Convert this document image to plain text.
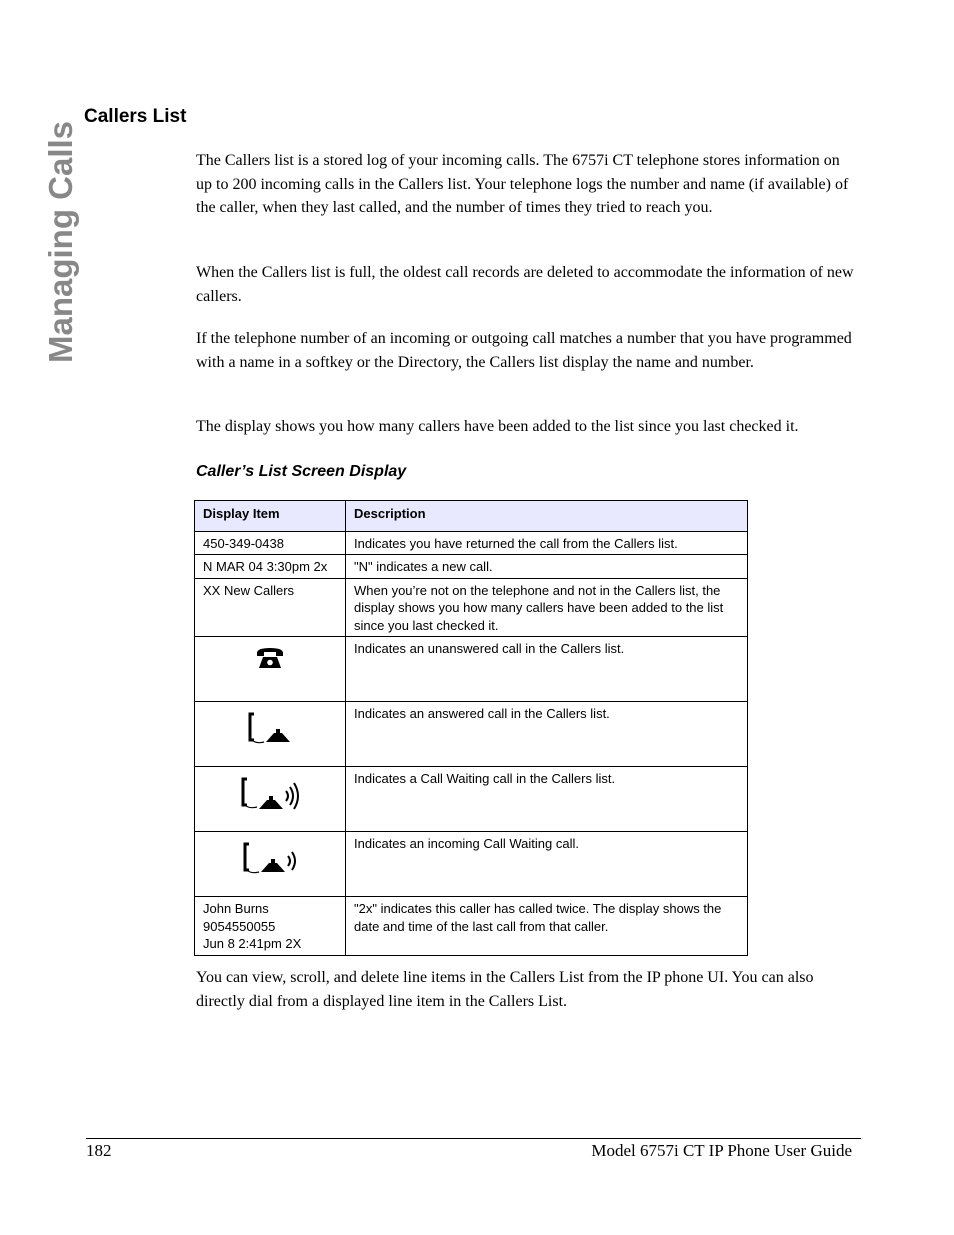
Managing Calls
Callers List

The Callers list is a stored log of your incoming calls. The 6757i CT telephone stores information on up to 200 incoming calls in the Callers list. Your telephone logs the number and name (if available) of the caller, when they last called, and the number of times they tried to reach you.

When the Callers list is full, the oldest call records are deleted to accommodate the information of new callers.

If the telephone number of an incoming or outgoing call matches a number that you have programmed with a name in a softkey or the Directory, the Callers list display the name and number.

The display shows you how many callers have been added to the list since you last checked it.

Caller’s List Screen Display

Display Item	Description
450-349-0438	Indicates you have returned the call from the Callers list.
N MAR 04 3:30pm 2x	"N" indicates a new call.
XX New Callers	When you’re not on the telephone and not in the Callers list, the display shows you how many callers have been added to the list since you last checked it.
	Indicates an unanswered call in the Callers list.
	Indicates an answered call in the Callers list.
	Indicates a Call Waiting call in the Callers list.
	Indicates an incoming Call Waiting call.

John Burns
9054550055
Jun 8 2:41pm 2X	"2x" indicates this caller has called twice. The display shows the date and time of the last call from that caller.

You can view, scroll, and delete line items in the Callers List from the IP phone UI. You can also directly dial from a displayed line item in the Callers List.

182	Model 6757i CT IP Phone User Guide
